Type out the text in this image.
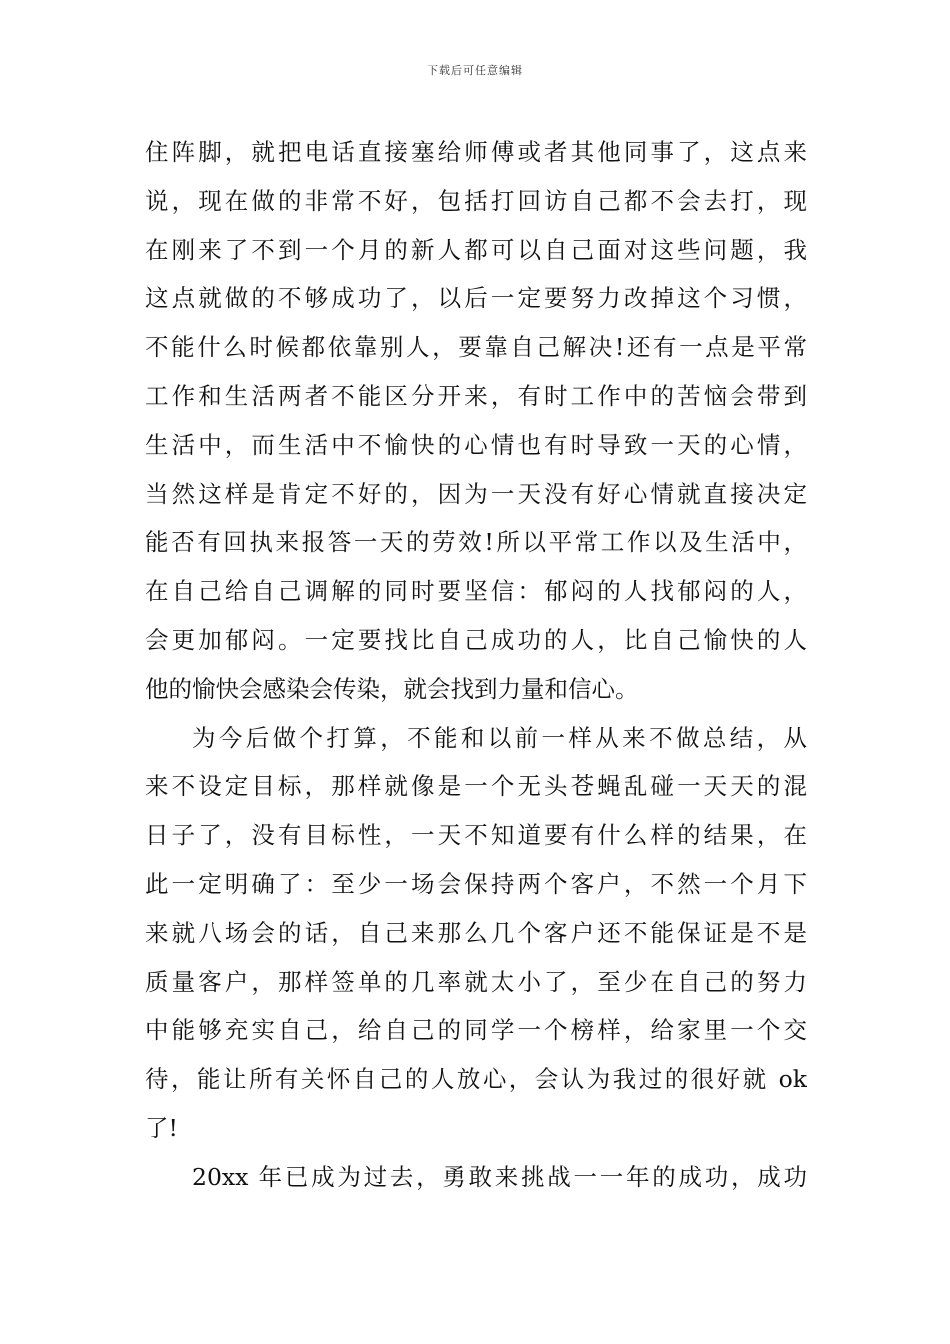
下载后可任意编辑
住阵脚，就把电话直接塞给师傅或者其他同事了，这点来
说，现在做的非常不好，包括打回访自己都不会去打，现
在刚来了不到一个月的新人都可以自己面对这些问题，我
这点就做的不够成功了，以后一定要努力改掉这个习惯，
不能什么时候都依靠别人，要靠自己解决!还有一点是平常
工作和生活两者不能区分开来，有时工作中的苦恼会带到
生活中，而生活中不愉快的心情也有时导致一天的心情，
当然这样是肯定不好的，因为一天没有好心情就直接决定
能否有回执来报答一天的劳效!所以平常工作以及生活中，
在自己给自己调解的同时要坚信：郁闷的人找郁闷的人，
会更加郁闷。一定要找比自己成功的人，比自己愉快的人
他的愉快会感染会传染，就会找到力量和信心。
为今后做个打算，不能和以前一样从来不做总结，从
来不设定目标，那样就像是一个无头苍蝇乱碰一天天的混
日子了，没有目标性，一天不知道要有什么样的结果，在
此一定明确了：至少一场会保持两个客户，不然一个月下
来就八场会的话，自己来那么几个客户还不能保证是不是
质量客户，那样签单的几率就太小了，至少在自己的努力
中能够充实自己，给自己的同学一个榜样，给家里一个交
待，能让所有关怀自己的人放心，会认为我过的很好就 ok
了!
20xx 年已成为过去，勇敢来挑战一一年的成功，成功
